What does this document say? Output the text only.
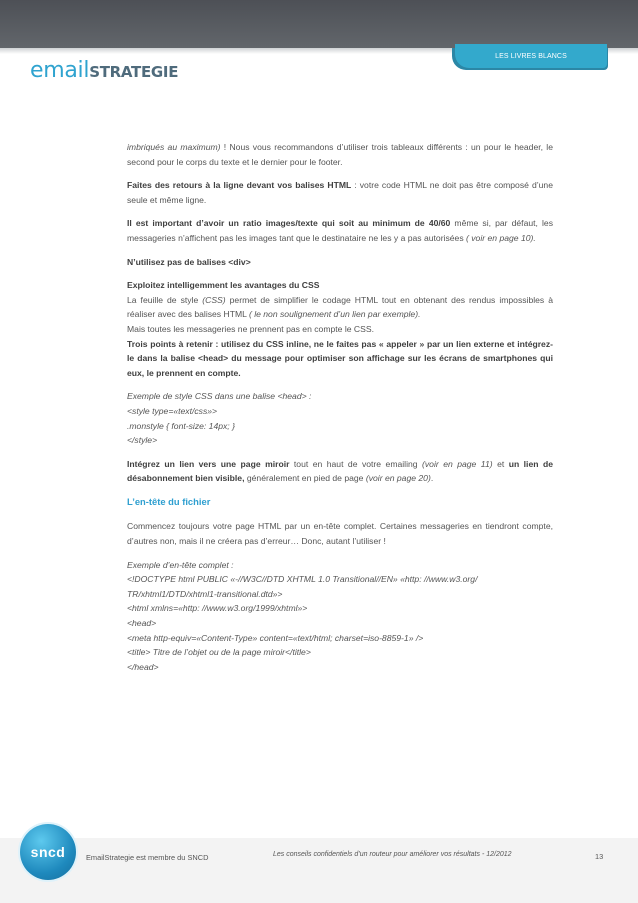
LES LIVRES BLANCS
emailstrategie

imbriqués au maximum) ! Nous vous recommandons d’utiliser trois tableaux différents : un pour le header, le second pour le corps du texte et le dernier pour le footer.

Faites des retours à la ligne devant vos balises HTML : votre code HTML ne doit pas être composé d’une seule et même ligne.

Il est important d’avoir un ratio images/texte qui soit au minimum de 40/60 même si, par défaut, les messageries n’affichent pas les images tant que le destinataire ne les y a pas autorisées ( voir en page 10).

N’utilisez pas de balises <div>

Exploitez intelligemment les avantages du CSS
La feuille de style (CSS) permet de simplifier le codage HTML tout en obtenant des rendus impossibles à réaliser avec des balises HTML ( le non soulignement d’un lien par exemple).
Mais toutes les messageries ne prennent pas en compte le CSS.
Trois points à retenir : utilisez du CSS inline, ne le faites pas « appeler » par un lien externe et intégrez-le dans la balise <head> du message pour optimiser son affichage sur les écrans de smartphones qui eux, le prennent en compte.

Exemple de style CSS dans une balise <head> :
<style type=«text/css»>
.monstyle { font-size: 14px; }
</style>

Intégrez un lien vers une page miroir tout en haut de votre emailing (voir en page 11) et un lien de désabonnement bien visible, généralement en pied de page (voir en page 20).

L’en-tête du fichier

Commencez toujours votre page HTML par un en-tête complet. Certaines messageries en tiendront compte, d’autres non, mais il ne créera pas d’erreur… Donc, autant l’utiliser !

Exemple d’en-tête complet :
<!DOCTYPE html PUBLIC «-//W3C//DTD XHTML 1.0 Transitional//EN» «http: //www.w3.org/
TR/xhtml1/DTD/xhtml1-transitional.dtd»>
<html xmlns=«http: //www.w3.org/1999/xhtml»>
<head>
<meta http-equiv=«Content-Type» content=«text/html; charset=iso-8859-1» />
<title> Titre de l’objet ou de la page miroir</title>
</head>

sncd	EmailStrategie est membre du SNCD	Les conseils confidentiels d’un routeur pour améliorer vos résultats - 12/2012	13
